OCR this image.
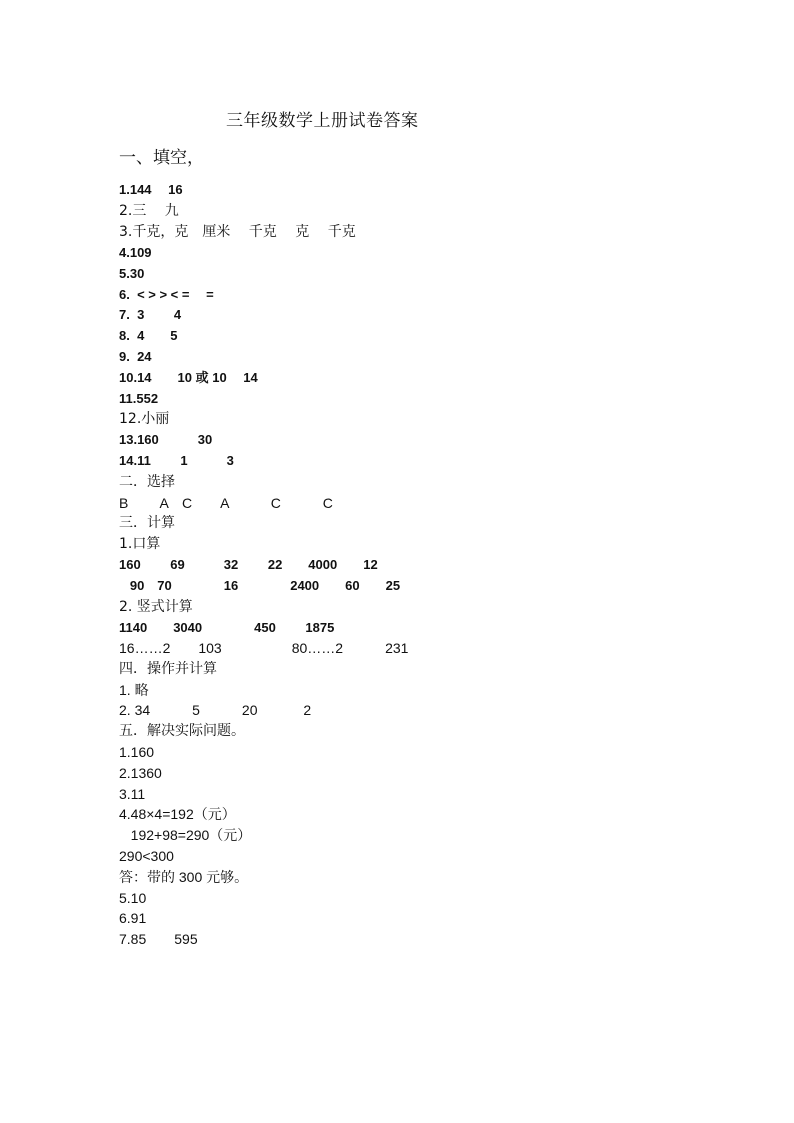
三年级数学上册试卷答案
一、填空，
1.144　 16
2.三　 九
3.千克，克　厘米　 千克　 克　 千克
4.109
5.30
6.  < > > < =　 =
7.  3　　 4
8.  4　　5
9.  24
10.14　　10 或 10　 14
11.552
12.小丽
13.160　　　30
14.11　　 1　　　3
二．选择
B　　 A　C　　A　　　C　　　C
三．计算
1.口算
160　　 69　　　32　　 22　　4000　　12
90　70　　　　16　　　　2400　　60　　25
2. 竖式计算
1140　　3040　　　　450　　 1875
16……2　　103　　　　　80……2　　　231
四．操作并计算
1. 略
2. 34　　　5　　　20　　　 2
五．解决实际问题。
1.160
2.1360
3.11
4.48×4=192（元）
192+98=290（元）
290<300
答：带的 300 元够。
5.10
6.91
7.85　　595
